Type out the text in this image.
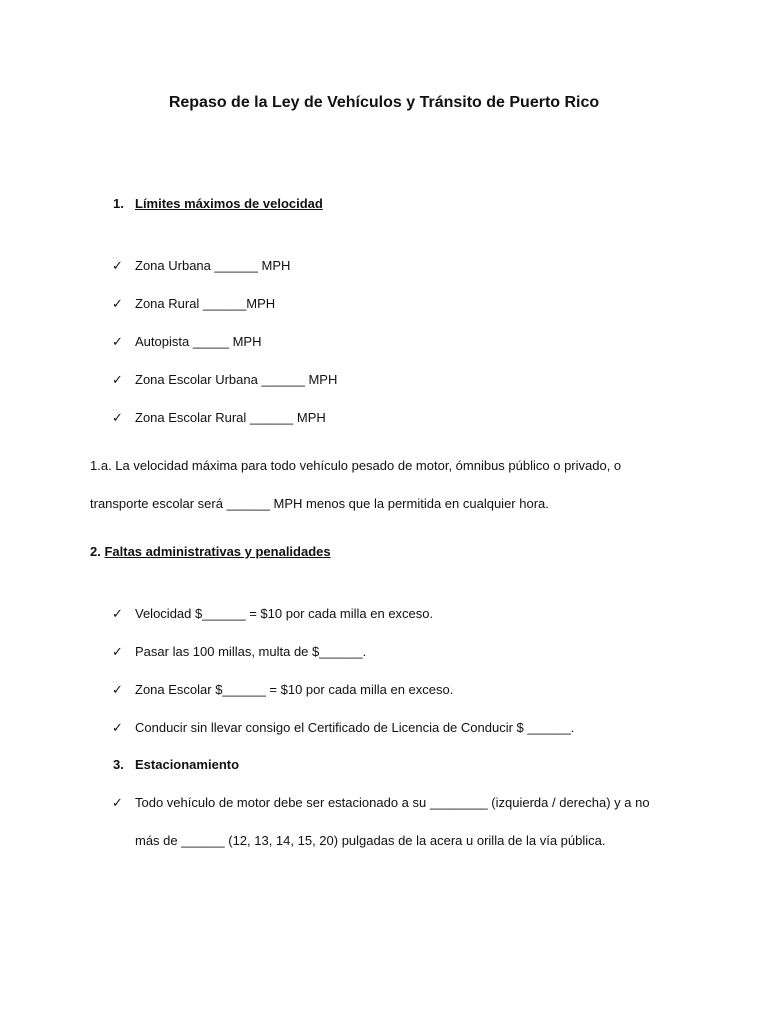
Repaso de la Ley de Vehículos y Tránsito de Puerto Rico
1. Límites máximos de velocidad
✓ Zona Urbana ______ MPH
✓ Zona Rural ______MPH
✓ Autopista _____ MPH
✓ Zona Escolar Urbana ______ MPH
✓ Zona Escolar Rural ______ MPH
1.a. La velocidad máxima para todo vehículo pesado de motor, ómnibus público o privado, o
transporte escolar será ______ MPH menos que la permitida en cualquier hora.
2. Faltas administrativas y penalidades
✓ Velocidad $______ = $10 por cada milla en exceso.
✓ Pasar las 100 millas, multa de $______.
✓ Zona Escolar $______ = $10 por cada milla en exceso.
✓ Conducir sin llevar consigo el Certificado de Licencia de Conducir $ ______.
3. Estacionamiento
✓ Todo vehículo de motor debe ser estacionado a su ________ (izquierda / derecha) y a no
más de ______ (12, 13, 14, 15, 20) pulgadas de la acera u orilla de la vía pública.
